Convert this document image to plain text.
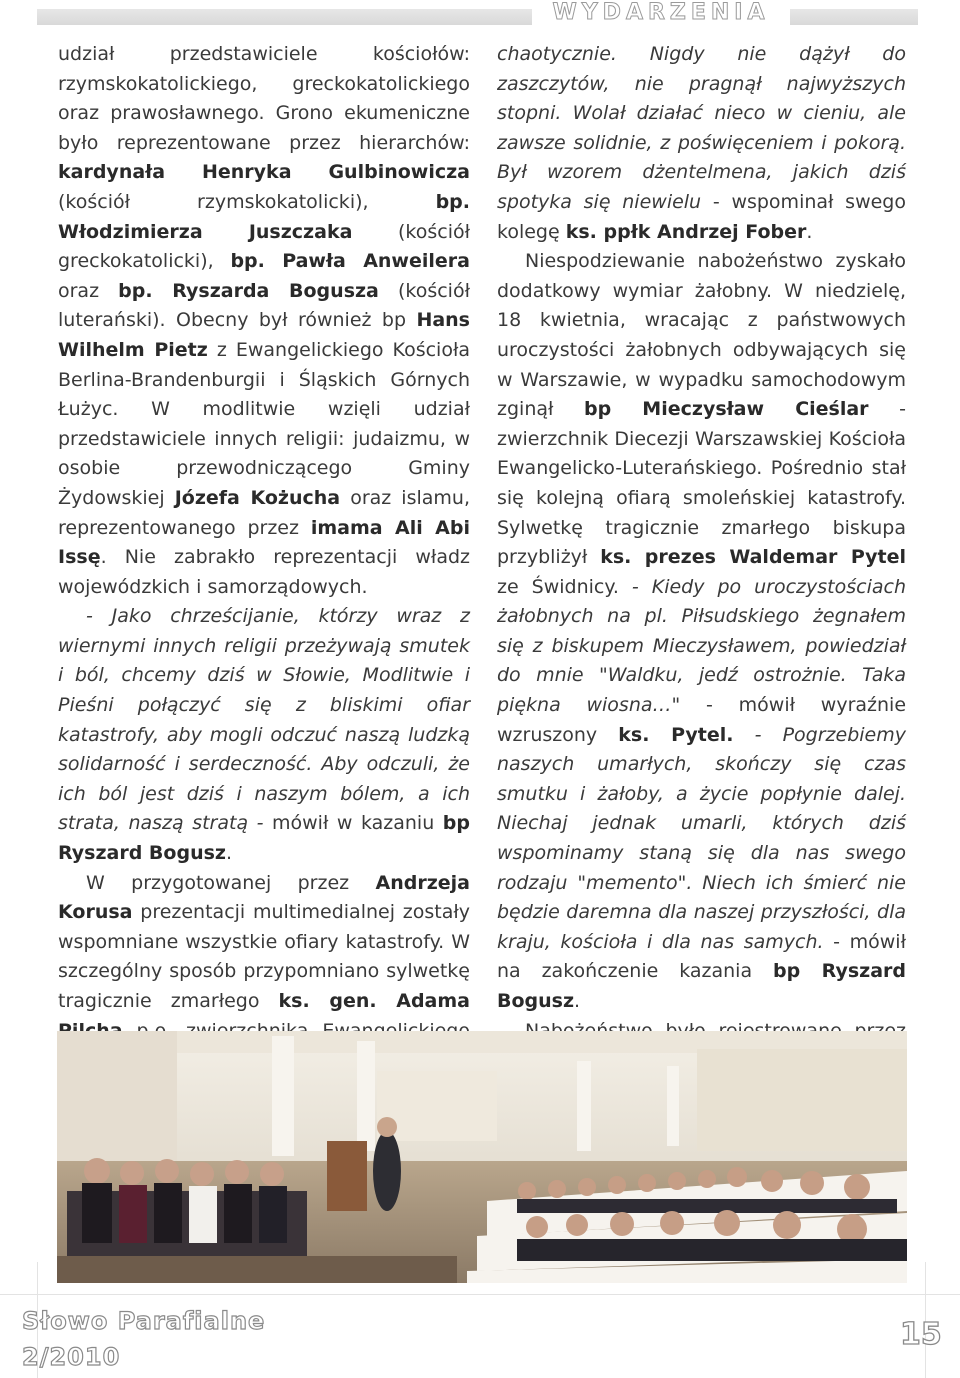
WYDARZENIA

udział przedstawiciele kościołów: rzymskokatolickiego, greckokatolickiego oraz prawosławnego. Grono ekumeniczne było reprezentowane przez hierarchów: kardynała Henryka Gulbinowicza (kościół rzymskokatolicki), bp. Włodzimierza Juszczaka (kościół greckokatolicki), bp. Pawła Anweilera oraz bp. Ryszarda Bogusza (kościół luterański). Obecny był również bp Hans Wilhelm Pietz z Ewangelickiego Kościoła Berlina-Brandenburgii i Śląskich Górnych Łużyc. W modlitwie wzięli udział przedstawiciele innych religii: judaizmu, w osobie przewodniczącego Gminy Żydowskiej Józefa Kożucha oraz islamu, reprezentowanego przez imama Ali Abi Issę. Nie zabrakło reprezentacji władz wojewódzkich i samorządowych.

- Jako chrześcijanie, którzy wraz z wiernymi innych religii przeżywają smutek i ból, chcemy dziś w Słowie, Modlitwie i Pieśni połączyć się z bliskimi ofiar katastrofy, aby mogli odczuć naszą ludzką solidarność i serdeczność. Aby odczuli, że ich ból jest dziś i naszym bólem, a ich strata, naszą stratą - mówił w kazaniu bp Ryszard Bogusz.

W przygotowanej przez Andrzeja Korusa prezentacji multimedialnej zostały wspomniane wszystkie ofiary katastrofy. W szczególny sposób przypomniano sylwetkę tragicznie zmarłego ks. gen. Adama

chaotycznie. Nigdy nie dążył do zaszczytów, nie pragnął najwyższych stopni. Wolał działać nieco w cieniu, ale zawsze solidnie, z poświęceniem i pokorą. Był wzorem dżentelmena, jakich dziś spotyka się niewielu - wspominał swego kolegę ks. ppłk Andrzej Fober.

Niespodziewanie nabożeństwo zyskało dodatkowy wymiar żałobny. W niedzielę, 18 kwietnia, wracając z państwowych uroczystości żałobnych odbywających się w Warszawie, w wypadku samochodowym zginął bp Mieczysław Cieślar - zwierzchnik Diecezji Warszawskiej Kościoła Ewangelicko-Luterańskiego. Pośrednio stał się kolejną ofiarą smoleńskiej katastrofy. Sylwetkę tragicznie zmarłego biskupa przybliżył ks. prezes Waldemar Pytel ze Świdnicy. - Kiedy po uroczystościach żałobnych na pl. Piłsudskiego żegnałem się z biskupem Mieczysławem, powiedział do mnie "Waldku, jedź ostrożnie. Taka piękna wiosna…" - mówił wyraźnie wzruszony ks. Pytel. - Pogrzebiemy naszych umarłych, skończy się czas smutku i żałoby, a życie popłynie dalej. Niechaj jednak umarli, których dziś wspominamy staną się dla nas swego rodzaju "memento". Niech ich śmierć nie będzie daremna dla naszej przyszłości, dla kraju, kościoła i dla nas samych. - mówił na zakończenie kazania bp Ryszard Bogusz.

Słowo Parafialne
2/2010
15
